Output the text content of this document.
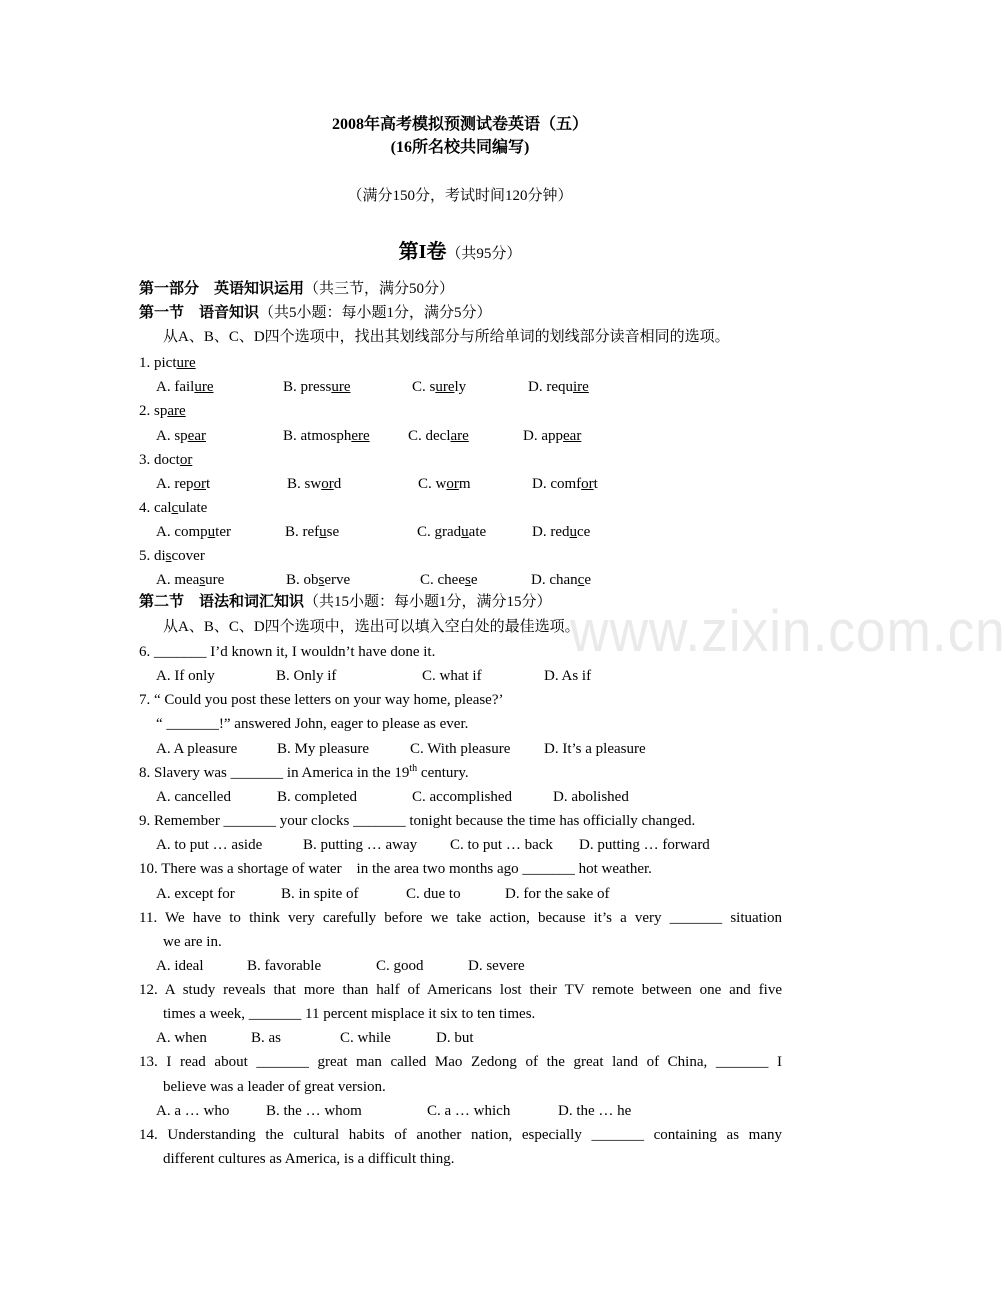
www.zixin.com.cn
2008年高考模拟预测试卷英语（五）
(16所名校共同编写)
（满分150分，考试时间120分钟）
第I卷（共95分）
第一部分　英语知识运用（共三节，满分50分）
第一节　语音知识（共5小题：每小题1分，满分5分）
从A、B、C、D四个选项中，找出其划线部分与所给单词的划线部分读音相同的选项。
1. picture
A. failure	B. pressure	C. surely	D. require
2. spare
A. spear	B. atmosphere	C. declare	D. appear
3. doctor
A. report	B. sword	C. worm	D. comfort
4. calculate
A. computer	B. refuse	C. graduate	D. reduce
5. discover
A. measure	B. observe	C. cheese	D. chance
第二节　语法和词汇知识（共15小题：每小题1分，满分15分）
从A、B、C、D四个选项中，选出可以填入空白处的最佳选项。
6. _______ I’d known it, I wouldn’t have done it.
A. If only	B. Only if	C. what if	D. As if
7. “ Could you post these letters on your way home, please?’
“ _______!” answered John, eager to please as ever.
A. A pleasure	B. My pleasure	C. With pleasure D. It’s a pleasure
8. Slavery was _______ in America in the 19th century.
A. cancelled	B. completed	C. accomplished	D. abolished
9. Remember _______ your clocks _______ tonight because the time has officially changed.
A. to put … aside	B. putting … away C. to put … back D. putting … forward
10. There was a shortage of water　in the area two months ago _______ hot weather.
A. except for	B. in spite of	C. due to	D. for the sake of
11. We have to think very carefully before we take action, because it’s a very _______ situation
we are in.
A. ideal	B. favorable	C. good	D. severe
12. A study reveals that more than half of Americans lost their TV remote between one and five
times a week, _______ 11 percent misplace it six to ten times.
A. when	B. as	C. while	D. but
13. I read about _______ great man called Mao Zedong of the great land of China, _______ I
believe was a leader of great version.
A. a … who B. the … whom	C. a … which	D. the … he
14. Understanding the cultural habits of another nation, especially _______ containing as many
different cultures as America, is a difficult thing.
